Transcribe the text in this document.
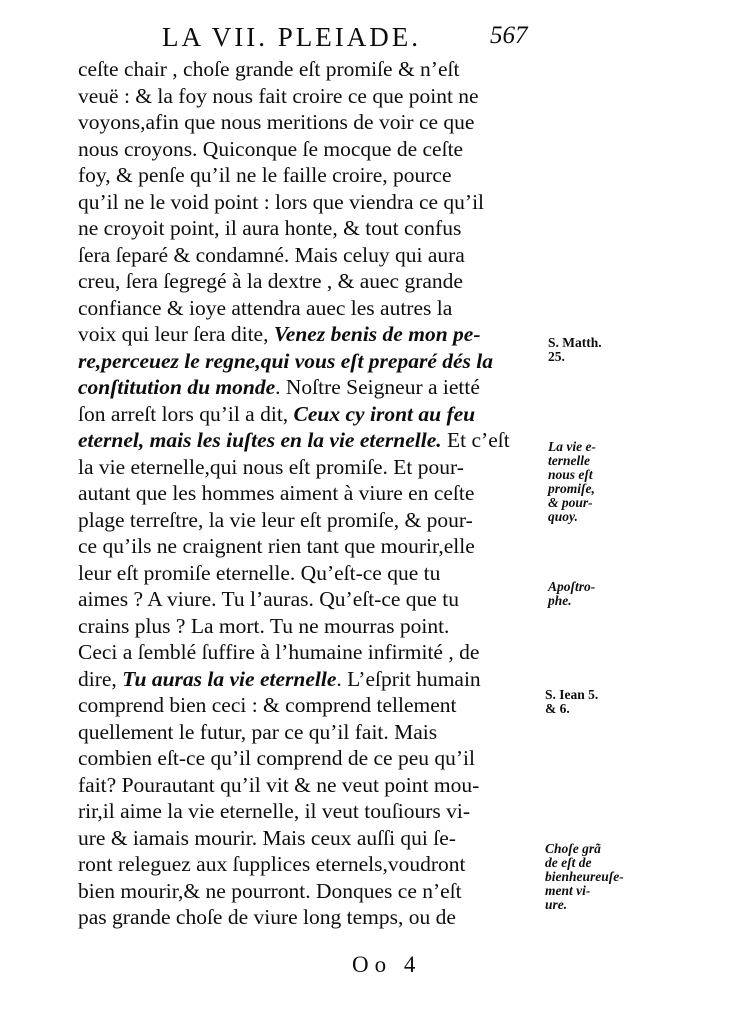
LA VII. PLEIADE.	567
ceſte chair , choſe grande eſt promiſe & n’eſt
veuë : & la foy nous fait croire ce que point ne
voyons,afin que nous meritions de voir ce que
nous croyons. Quiconque ſe mocque de ceſte
foy, & penſe qu’il ne le faille croire, pource
qu’il ne le void point : lors que viendra ce qu’il
ne croyoit point, il aura honte, & tout confus
ſera ſeparé & condamné. Mais celuy qui aura
creu, ſera ſegregé à la dextre , & auec grande
confiance & ioye attendra auec les autres la
voix qui leur ſera dite, Venez benis de mon pe-
re,perceuez le regne,qui vous eſt preparé dés la
conſtitution du monde. Noſtre Seigneur a ietté
ſon arreſt lors qu’il a dit, Ceux cy iront au feu
eternel, mais les iuſtes en la vie eternelle. Et c’eſt
la vie eternelle,qui nous eſt promiſe. Et pour-
autant que les hommes aiment à viure en ceſte
plage terreſtre, la vie leur eſt promiſe, & pour-
ce qu’ils ne craignent rien tant que mourir,elle
leur eſt promiſe eternelle. Qu’eſt-ce que tu
aimes ? A viure. Tu l’auras. Qu’eſt-ce que tu
crains plus ? La mort. Tu ne mourras point.
Ceci a ſemblé ſuffire à l’humaine infirmité , de
dire, Tu auras la vie eternelle. L’eſprit humain
comprend bien ceci : & comprend tellement
quellement le futur, par ce qu’il fait. Mais
combien eſt-ce qu’il comprend de ce peu qu’il
fait? Pourautant qu’il vit & ne veut point mou-
rir,il aime la vie eternelle, il veut touſiours vi-
ure & iamais mourir. Mais ceux auſſi qui ſe-
ront releguez aux ſupplices eternels,voudront
bien mourir,& ne pourront. Donques ce n’eſt
pas grande choſe de viure long temps, ou de
S. Matth.
25.
La vie e-
ternelle
nous eſt
promiſe,
& pour-
quoy.
Apoſtro-
phe.
S. Iean 5.
& 6.
Choſe grã
de eſt de
bienheureuſe-
ment vi-
ure.
Oo 4
